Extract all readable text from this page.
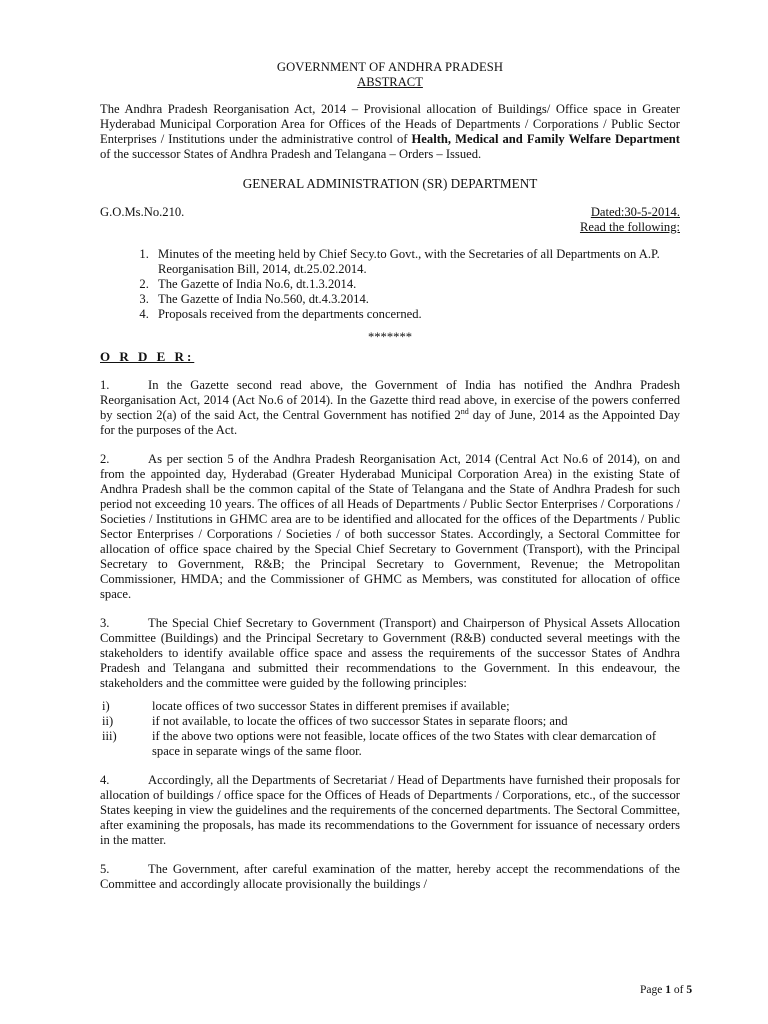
GOVERNMENT OF ANDHRA PRADESH

ABSTRACT

The Andhra Pradesh Reorganisation Act, 2014 – Provisional allocation of Buildings/ Office space in Greater Hyderabad Municipal Corporation Area for Offices of the Heads of Departments / Corporations / Public Sector Enterprises / Institutions under the administrative control of Health, Medical and Family Welfare Department of the successor States of Andhra Pradesh and Telangana – Orders – Issued.

GENERAL ADMINISTRATION (SR) DEPARTMENT

G.O.Ms.No.210.	Dated:30-5-2014.
Read the following:
1. Minutes of the meeting held by Chief Secy.to Govt., with the Secretaries of all Departments on A.P. Reorganisation Bill, 2014, dt.25.02.2014.
2. The Gazette of India No.6, dt.1.3.2014.
3. The Gazette of India No.560, dt.4.3.2014.
4. Proposals received from the departments concerned.
*******
O R D E R:
1.	In the Gazette second read above, the Government of India has notified the Andhra Pradesh Reorganisation Act, 2014 (Act No.6 of 2014). In the Gazette third read above, in exercise of the powers conferred by section 2(a) of the said Act, the Central Government has notified 2nd day of June, 2014 as the Appointed Day for the purposes of the Act.
2.	As per section 5 of the Andhra Pradesh Reorganisation Act, 2014 (Central Act No.6 of 2014), on and from the appointed day, Hyderabad (Greater Hyderabad Municipal Corporation Area) in the existing State of Andhra Pradesh shall be the common capital of the State of Telangana and the State of Andhra Pradesh for such period not exceeding 10 years. The offices of all Heads of Departments / Public Sector Enterprises / Corporations / Societies / Institutions in GHMC area are to be identified and allocated for the offices of the Departments / Public Sector Enterprises / Corporations / Societies / of both successor States. Accordingly, a Sectoral Committee for allocation of office space chaired by the Special Chief Secretary to Government (Transport), with the Principal Secretary to Government, R&B; the Principal Secretary to Government, Revenue; the Metropolitan Commissioner, HMDA; and the Commissioner of GHMC as Members, was constituted for allocation of office space.
3.	The Special Chief Secretary to Government (Transport) and Chairperson of Physical Assets Allocation Committee (Buildings) and the Principal Secretary to Government (R&B) conducted several meetings with the stakeholders to identify available office space and assess the requirements of the successor States of Andhra Pradesh and Telangana and submitted their recommendations to the Government. In this endeavour, the stakeholders and the committee were guided by the following principles:
i)	locate offices of two successor States in different premises if available;
ii)	if not available, to locate the offices of two successor States in separate floors; and
iii)	if the above two options were not feasible, locate offices of the two States with clear demarcation of space in separate wings of the same floor.
4.	Accordingly, all the Departments of Secretariat / Head of Departments have furnished their proposals for allocation of buildings / office space for the Offices of Heads of Departments / Corporations, etc., of the successor States keeping in view the guidelines and the requirements of the concerned departments. The Sectoral Committee, after examining the proposals, has made its recommendations to the Government for issuance of necessary orders in the matter.
5.	The Government, after careful examination of the matter, hereby accept the recommendations of the Committee and accordingly allocate provisionally the buildings /
Page 1 of 5
